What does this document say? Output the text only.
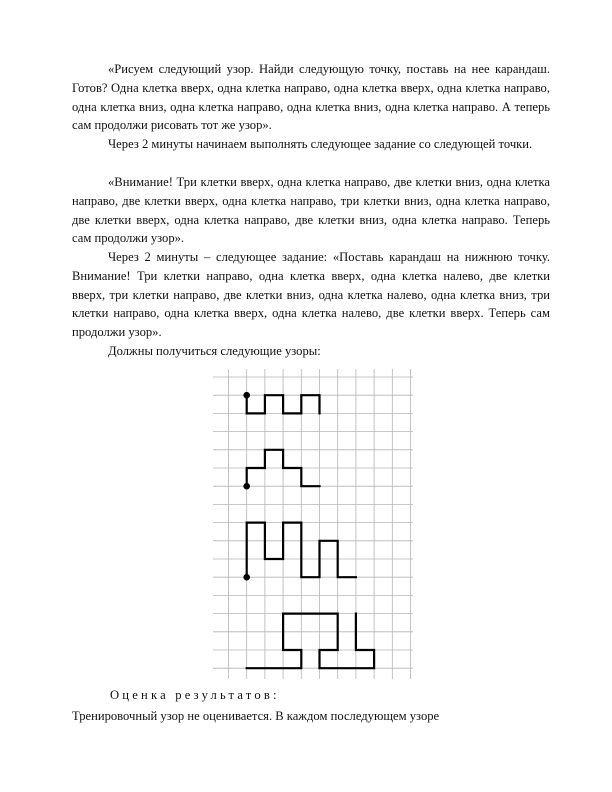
«Рисуем следующий узор. Найди следующую точку, поставь на нее карандаш. Готов? Одна клетка вверх, одна клетка направо, одна клетка вверх, одна клетка направо, одна клетка вниз, одна клетка направо, одна клетка вниз, одна клетка направо. А теперь сам продолжи рисовать тот же узор».

Через 2 минуты начинаем выполнять следующее задание со следующей точки.

«Внимание! Три клетки вверх, одна клетка направо, две клетки вниз, одна клетка направо, две клетки вверх, одна клетка направо, три клетки вниз, одна клетка направо, две клетки вверх, одна клетка направо, две клетки вниз, одна клетка направо. Теперь сам продолжи узор».

Через 2 минуты – следующее задание: «Поставь карандаш на нижнюю точку. Внимание! Три клетки направо, одна клетка вверх, одна клетка налево, две клетки вверх, три клетки направо, две клетки вниз, одна клетка налево, одна клетка вниз, три клетки направо, одна клетка вверх, одна клетка налево, две клетки вверх. Теперь сам продолжи узор».

Должны получиться следующие узоры:

Оценка результатов:

Тренировочный узор не оценивается. В каждом последующем узоре
